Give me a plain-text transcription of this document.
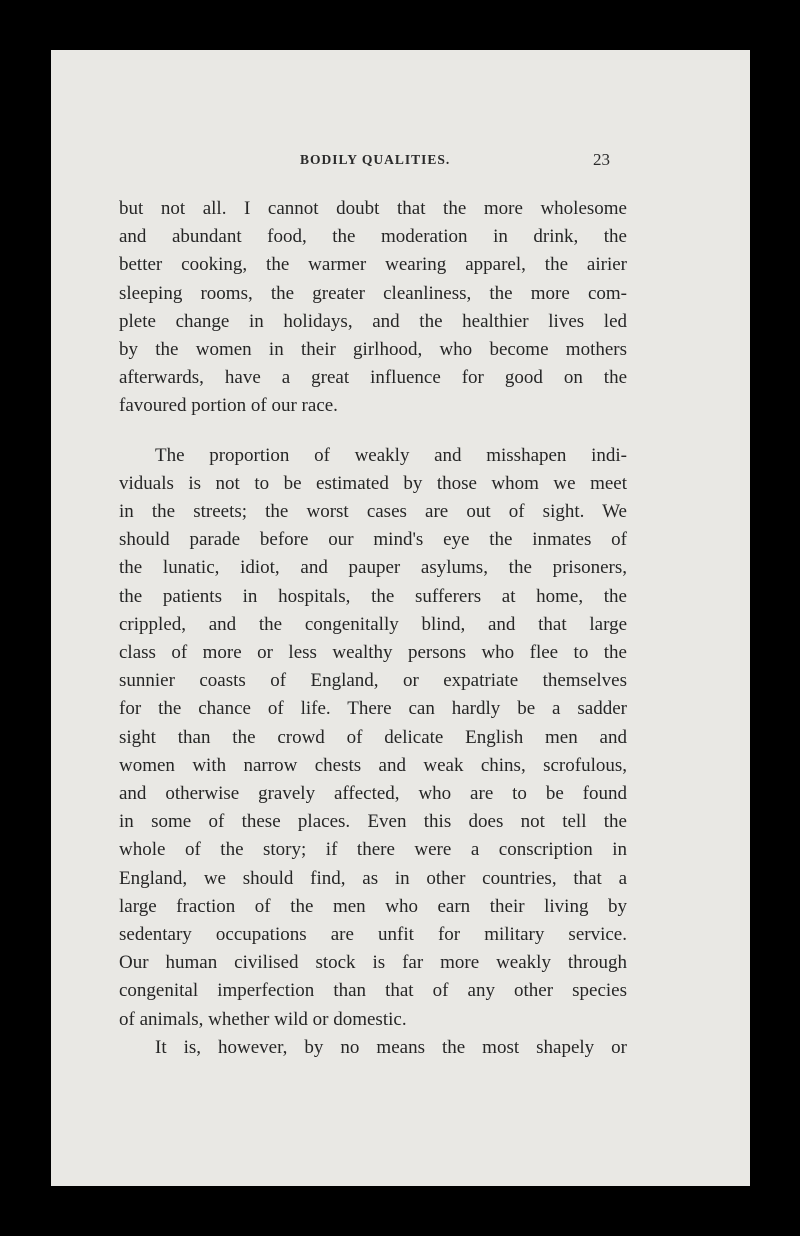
BODILY QUALITIES.	23
but not all. I cannot doubt that the more wholesome
and abundant food, the moderation in drink, the
better cooking, the warmer wearing apparel, the airier
sleeping rooms, the greater cleanliness, the more com-
plete change in holidays, and the healthier lives led
by the women in their girlhood, who become mothers
afterwards, have a great influence for good on the
favoured portion of our race.
The proportion of weakly and misshapen indi-
viduals is not to be estimated by those whom we meet
in the streets; the worst cases are out of sight. We
should parade before our mind's eye the inmates of
the lunatic, idiot, and pauper asylums, the prisoners,
the patients in hospitals, the sufferers at home, the
crippled, and the congenitally blind, and that large
class of more or less wealthy persons who flee to the
sunnier coasts of England, or expatriate themselves
for the chance of life. There can hardly be a sadder
sight than the crowd of delicate English men and
women with narrow chests and weak chins, scrofulous,
and otherwise gravely affected, who are to be found
in some of these places. Even this does not tell the
whole of the story; if there were a conscription in
England, we should find, as in other countries, that a
large fraction of the men who earn their living by
sedentary occupations are unfit for military service.
Our human civilised stock is far more weakly through
congenital imperfection than that of any other species
of animals, whether wild or domestic.
It is, however, by no means the most shapely or
